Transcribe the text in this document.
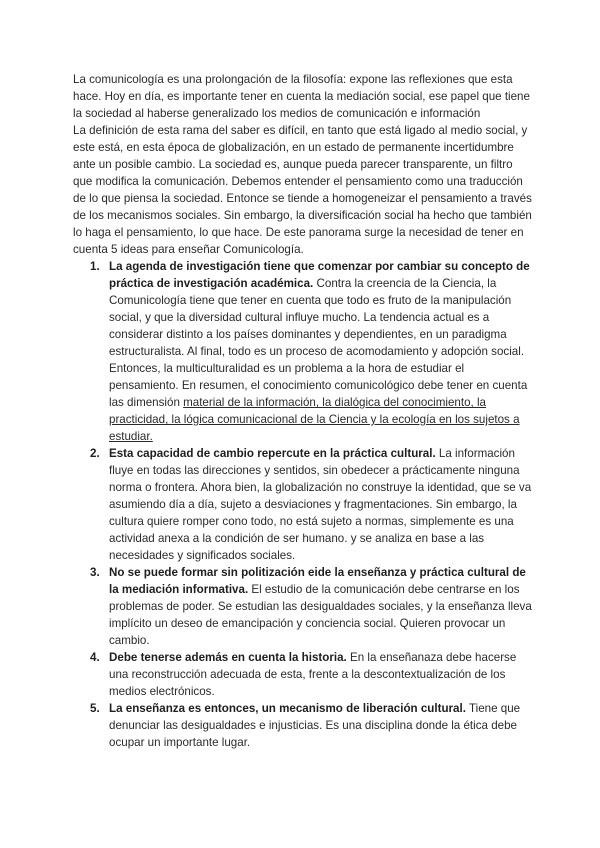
La comunicología es una prolongación de la filosofía: expone las reflexiones que esta hace. Hoy en día, es importante tener en cuenta la mediación social, ese papel que tiene la sociedad al haberse generalizado los medios de comunicación e información

La definición de esta rama del saber es difícil, en tanto que está ligado al medio social, y este está, en esta época de globalización, en un estado de permanente incertidumbre ante un posible cambio. La sociedad es, aunque pueda parecer transparente, un filtro que modifica la comunicación. Debemos entender el pensamiento como una traducción de lo que piensa la sociedad. Entonce se tiende a homogeneizar el pensamiento a través de los mecanismos sociales. Sin embargo, la diversificación social ha hecho que también lo haga el pensamiento, lo que hace. De este panorama surge la necesidad de tener en cuenta 5 ideas para enseñar Comunicología.

1. La agenda de investigación tiene que comenzar por cambiar su concepto de práctica de investigación académica. Contra la creencia de la Ciencia, la Comunicología tiene que tener en cuenta que todo es fruto de la manipulación social, y que la diversidad cultural influye mucho. La tendencia actual es a considerar distinto a los países dominantes y dependientes, en un paradigma estructuralista. Al final, todo es un proceso de acomodamiento y adopción social. Entonces, la multiculturalidad es un problema a la hora de estudiar el pensamiento. En resumen, el conocimiento comunicológico debe tener en cuenta las dimensión material de la información, la dialógica del conocimiento, la practicidad, la lógica comunicacional de la Ciencia y la ecología en los sujetos a estudiar.
2. Esta capacidad de cambio repercute en la práctica cultural. La información fluye en todas las direcciones y sentidos, sin obedecer a prácticamente ninguna norma o frontera. Ahora bien, la globalización no construye la identidad, que se va asumiendo día a día, sujeto a desviaciones y fragmentaciones. Sin embargo, la cultura quiere romper cono todo, no está sujeto a normas, simplemente es una actividad anexa a la condición de ser humano. y se analiza en base a las necesidades y significados sociales.
3. No se puede formar sin politización eide la enseñanza y práctica cultural de la mediación informativa. El estudio de la comunicación debe centrarse en los problemas de poder. Se estudian las desigualdades sociales, y la enseñanza lleva implícito un deseo de emancipación y conciencia social. Quieren provocar un cambio.
4. Debe tenerse además en cuenta la historia. En la enseñanaza debe hacerse una reconstrucción adecuada de esta, frente a la descontextualización de los medios electrónicos.
5. La enseñanza es entonces, un mecanismo de liberación cultural. Tiene que denunciar las desigualdades e injusticias. Es una disciplina donde la ética debe ocupar un importante lugar.
